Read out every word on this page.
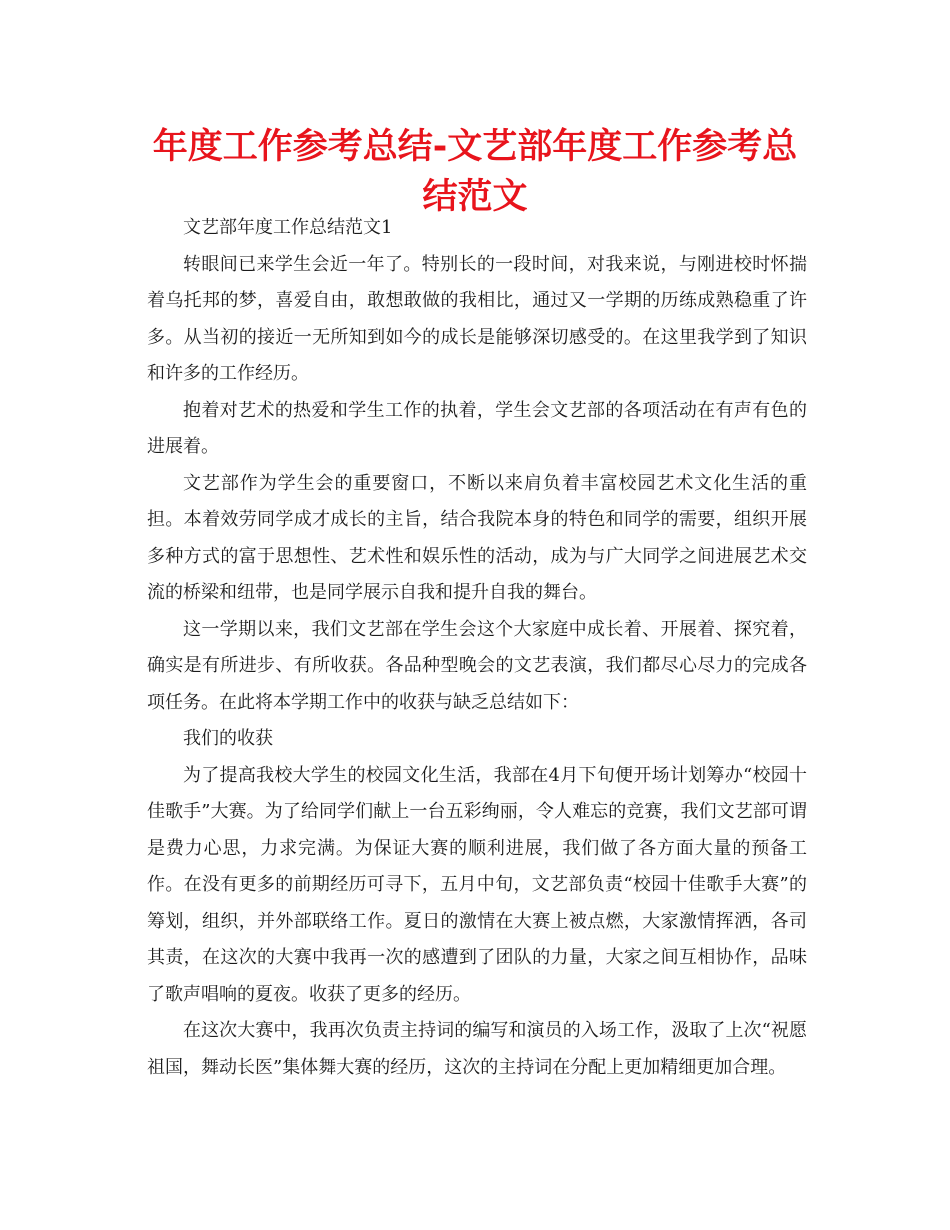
年度工作参考总结-文艺部年度工作参考总结范文

文艺部年度工作总结范文1

转眼间已来学生会近一年了。特别长的一段时间，对我来说，与刚进校时怀揣着乌托邦的梦，喜爱自由，敢想敢做的我相比，通过又一学期的历练成熟稳重了许多。从当初的接近一无所知到如今的成长是能够深切感受的。在这里我学到了知识和许多的工作经历。

抱着对艺术的热爱和学生工作的执着，学生会文艺部的各项活动在有声有色的进展着。

文艺部作为学生会的重要窗口，不断以来肩负着丰富校园艺术文化生活的重担。本着效劳同学成才成长的主旨，结合我院本身的特色和同学的需要，组织开展多种方式的富于思想性、艺术性和娱乐性的活动，成为与广大同学之间进展艺术交流的桥梁和纽带，也是同学展示自我和提升自我的舞台。

这一学期以来，我们文艺部在学生会这个大家庭中成长着、开展着、探究着，确实是有所进步、有所收获。各品种型晚会的文艺表演，我们都尽心尽力的完成各项任务。在此将本学期工作中的收获与缺乏总结如下：

我们的收获

为了提高我校大学生的校园文化生活，我部在4月下旬便开场计划筹办“校园十佳歌手”大赛。为了给同学们献上一台五彩绚丽，令人难忘的竞赛，我们文艺部可谓是费力心思，力求完满。为保证大赛的顺利进展，我们做了各方面大量的预备工作。在没有更多的前期经历可寻下，五月中旬，文艺部负责“校园十佳歌手大赛”的筹划，组织，并外部联络工作。夏日的激情在大赛上被点燃，大家激情挥洒，各司其责，在这次的大赛中我再一次的感遭到了团队的力量，大家之间互相协作，品味了歌声唱响的夏夜。收获了更多的经历。

在这次大赛中，我再次负责主持词的编写和演员的入场工作，汲取了上次“祝愿祖国，舞动长医”集体舞大赛的经历，这次的主持词在分配上更加精细更加合理。
